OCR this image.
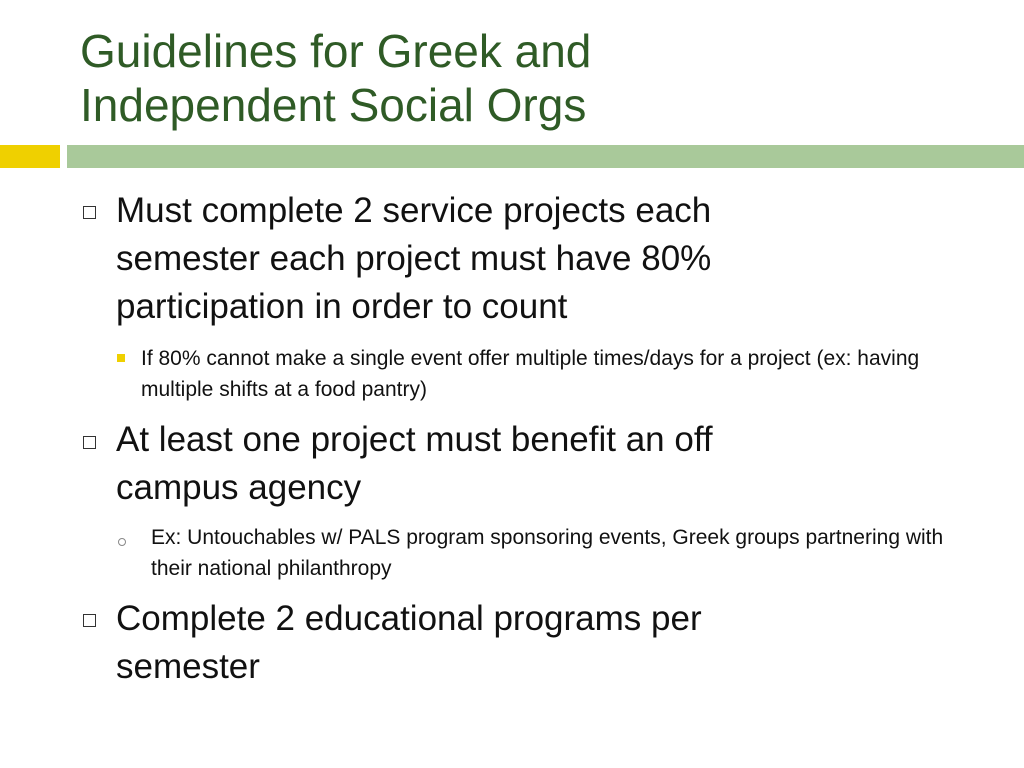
Guidelines for Greek and
Independent Social Orgs

Must complete 2 service projects each semester each project must have 80% participation in order to count

If 80% cannot make a single event offer multiple times/days for a project (ex: having multiple shifts at a food pantry)

At least one project must benefit an off campus agency

Ex: Untouchables w/ PALS program sponsoring events, Greek groups partnering with their national philanthropy

Complete 2 educational programs per semester
